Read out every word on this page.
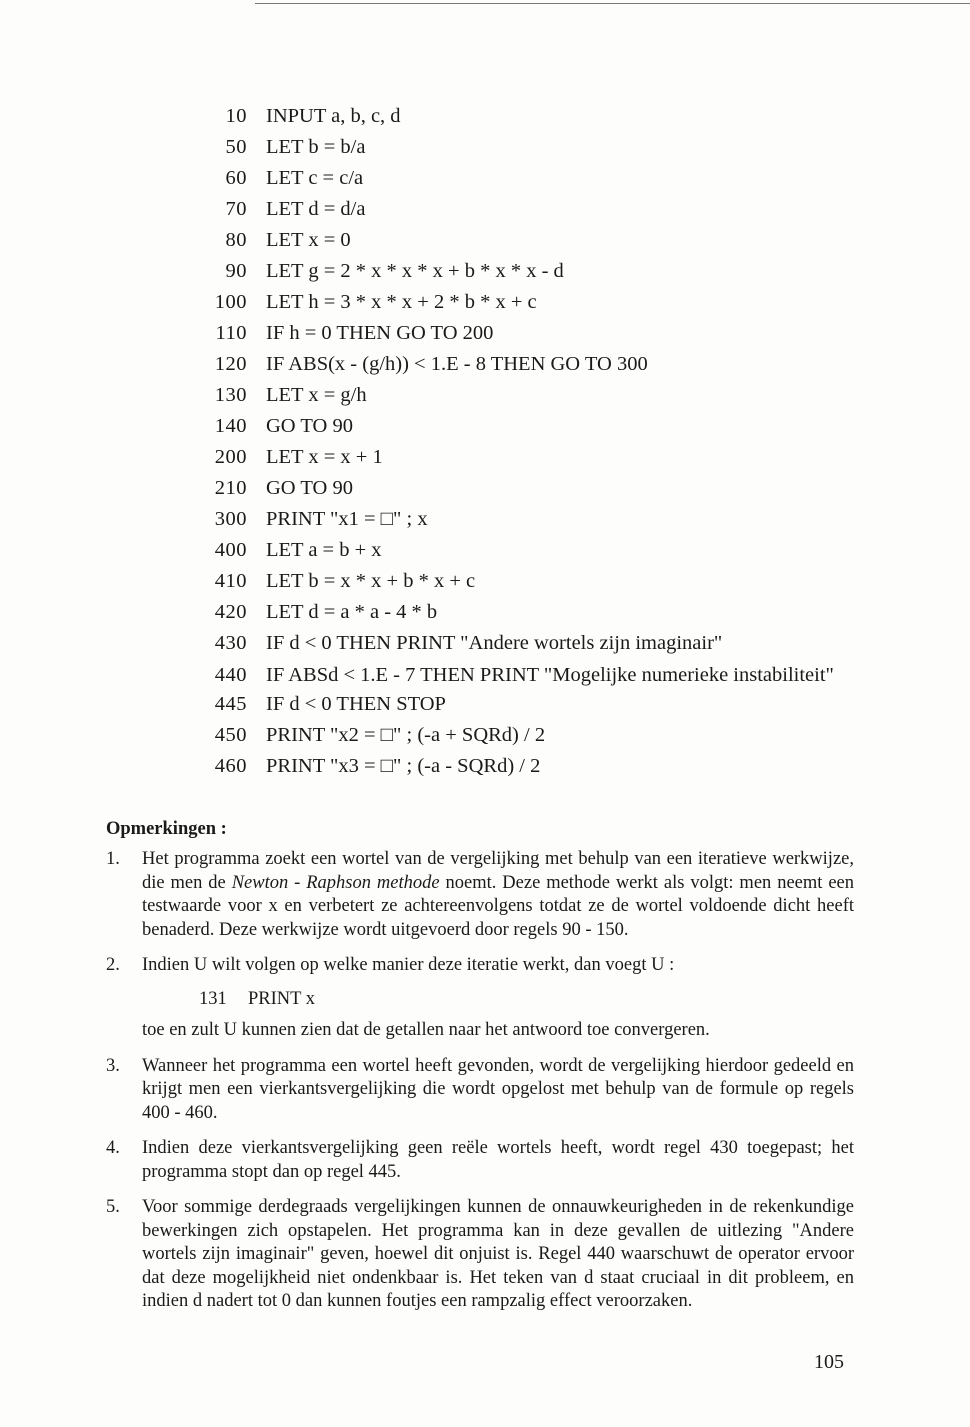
10 INPUT a, b, c, d
50 LET b = b/a
60 LET c = c/a
70 LET d = d/a
80 LET x = 0
90 LET g = 2 * x * x * x + b * x * x - d
100 LET h = 3 * x * x + 2 * b * x + c
110 IF h = 0 THEN GO TO 200
120 IF ABS(x - (g/h)) < 1.E - 8 THEN GO TO 300
130 LET x = g/h
140 GO TO 90
200 LET x = x + 1
210 GO TO 90
300 PRINT "x1 = □" ; x
400 LET a = b + x
410 LET b = x * x + b * x + c
420 LET d = a * a - 4 * b
430 IF d < 0 THEN PRINT "Andere wortels zijn imaginair"
440 IF ABSd < 1.E - 7 THEN PRINT "Mogelijke numerieke instabiliteit"
445 IF d < 0 THEN STOP
450 PRINT "x2 = □" ; (-a + SQRd) / 2
460 PRINT "x3 = □" ; (-a - SQRd) / 2
Opmerkingen :
1.	Het programma zoekt een wortel van de vergelijking met behulp van een iteratieve werkwijze, die men de Newton - Raphson methode noemt. Deze methode werkt als volgt: men neemt een testwaarde voor x en verbetert ze achtereenvolgens totdat ze de wortel voldoende dicht heeft benaderd. Deze werkwijze wordt uitgevoerd door regels 90 - 150.
2.	Indien U wilt volgen op welke manier deze iteratie werkt, dan voegt U :

131 PRINT x

toe en zult U kunnen zien dat de getallen naar het antwoord toe convergeren.

3.	Wanneer het programma een wortel heeft gevonden, wordt de vergelijking hierdoor gedeeld en krijgt men een vierkantsvergelijking die wordt opgelost met behulp van de formule op regels 400 - 460.
4.	Indien deze vierkantsvergelijking geen reële wortels heeft, wordt regel 430 toegepast; het programma stopt dan op regel 445.
5.	Voor sommige derdegraads vergelijkingen kunnen de onnauwkeurigheden in de rekenkundige bewerkingen zich opstapelen. Het programma kan in deze gevallen de uitlezing "Andere wortels zijn imaginair" geven, hoewel dit onjuist is. Regel 440 waarschuwt de operator ervoor dat deze mogelijkheid niet ondenkbaar is. Het teken van d staat cruciaal in dit probleem, en indien d nadert tot 0 dan kunnen foutjes een rampzalig effect veroorzaken.
105
